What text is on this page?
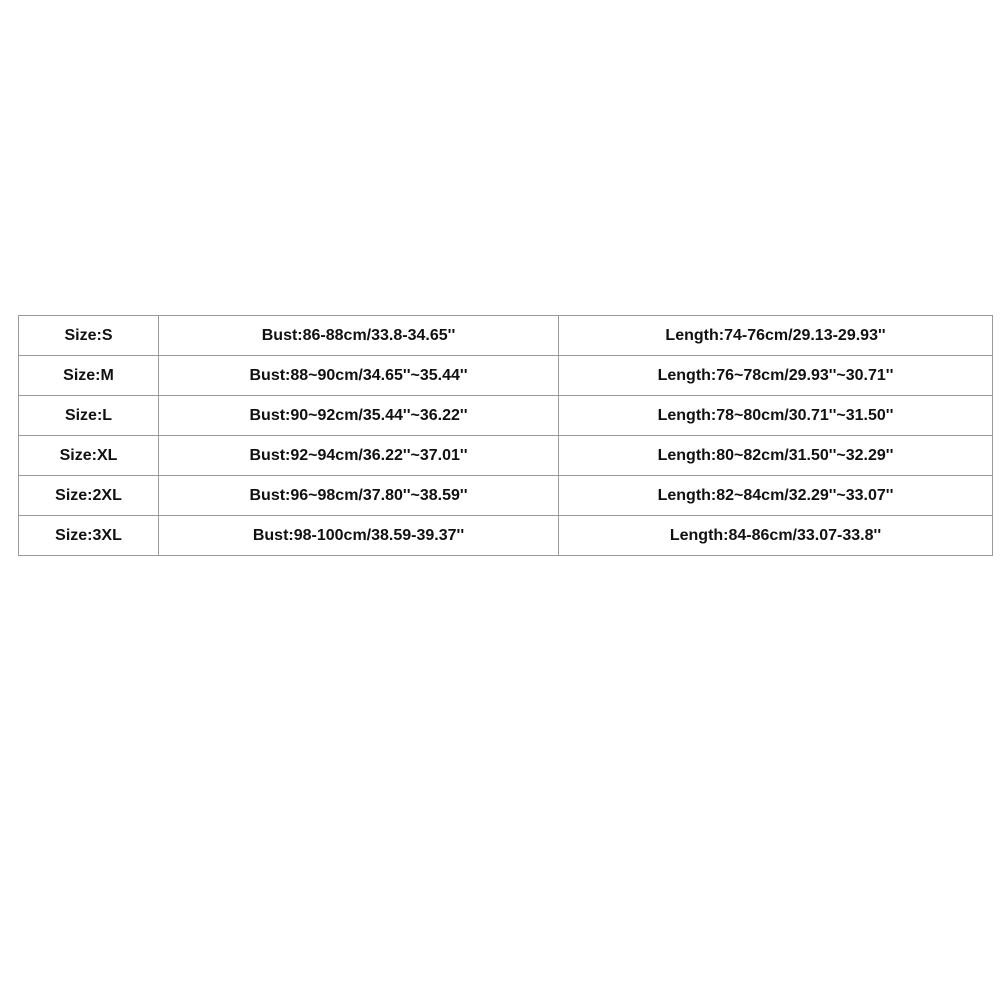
Size:S	Bust:86-88cm/33.8-34.65''	Length:74-76cm/29.13-29.93''
Size:M	Bust:88~90cm/34.65''~35.44''	Length:76~78cm/29.93''~30.71''
Size:L	Bust:90~92cm/35.44''~36.22''	Length:78~80cm/30.71''~31.50''
Size:XL	Bust:92~94cm/36.22''~37.01''	Length:80~82cm/31.50''~32.29''
Size:2XL	Bust:96~98cm/37.80''~38.59''	Length:82~84cm/32.29''~33.07''
Size:3XL	Bust:98-100cm/38.59-39.37''	Length:84-86cm/33.07-33.8''
